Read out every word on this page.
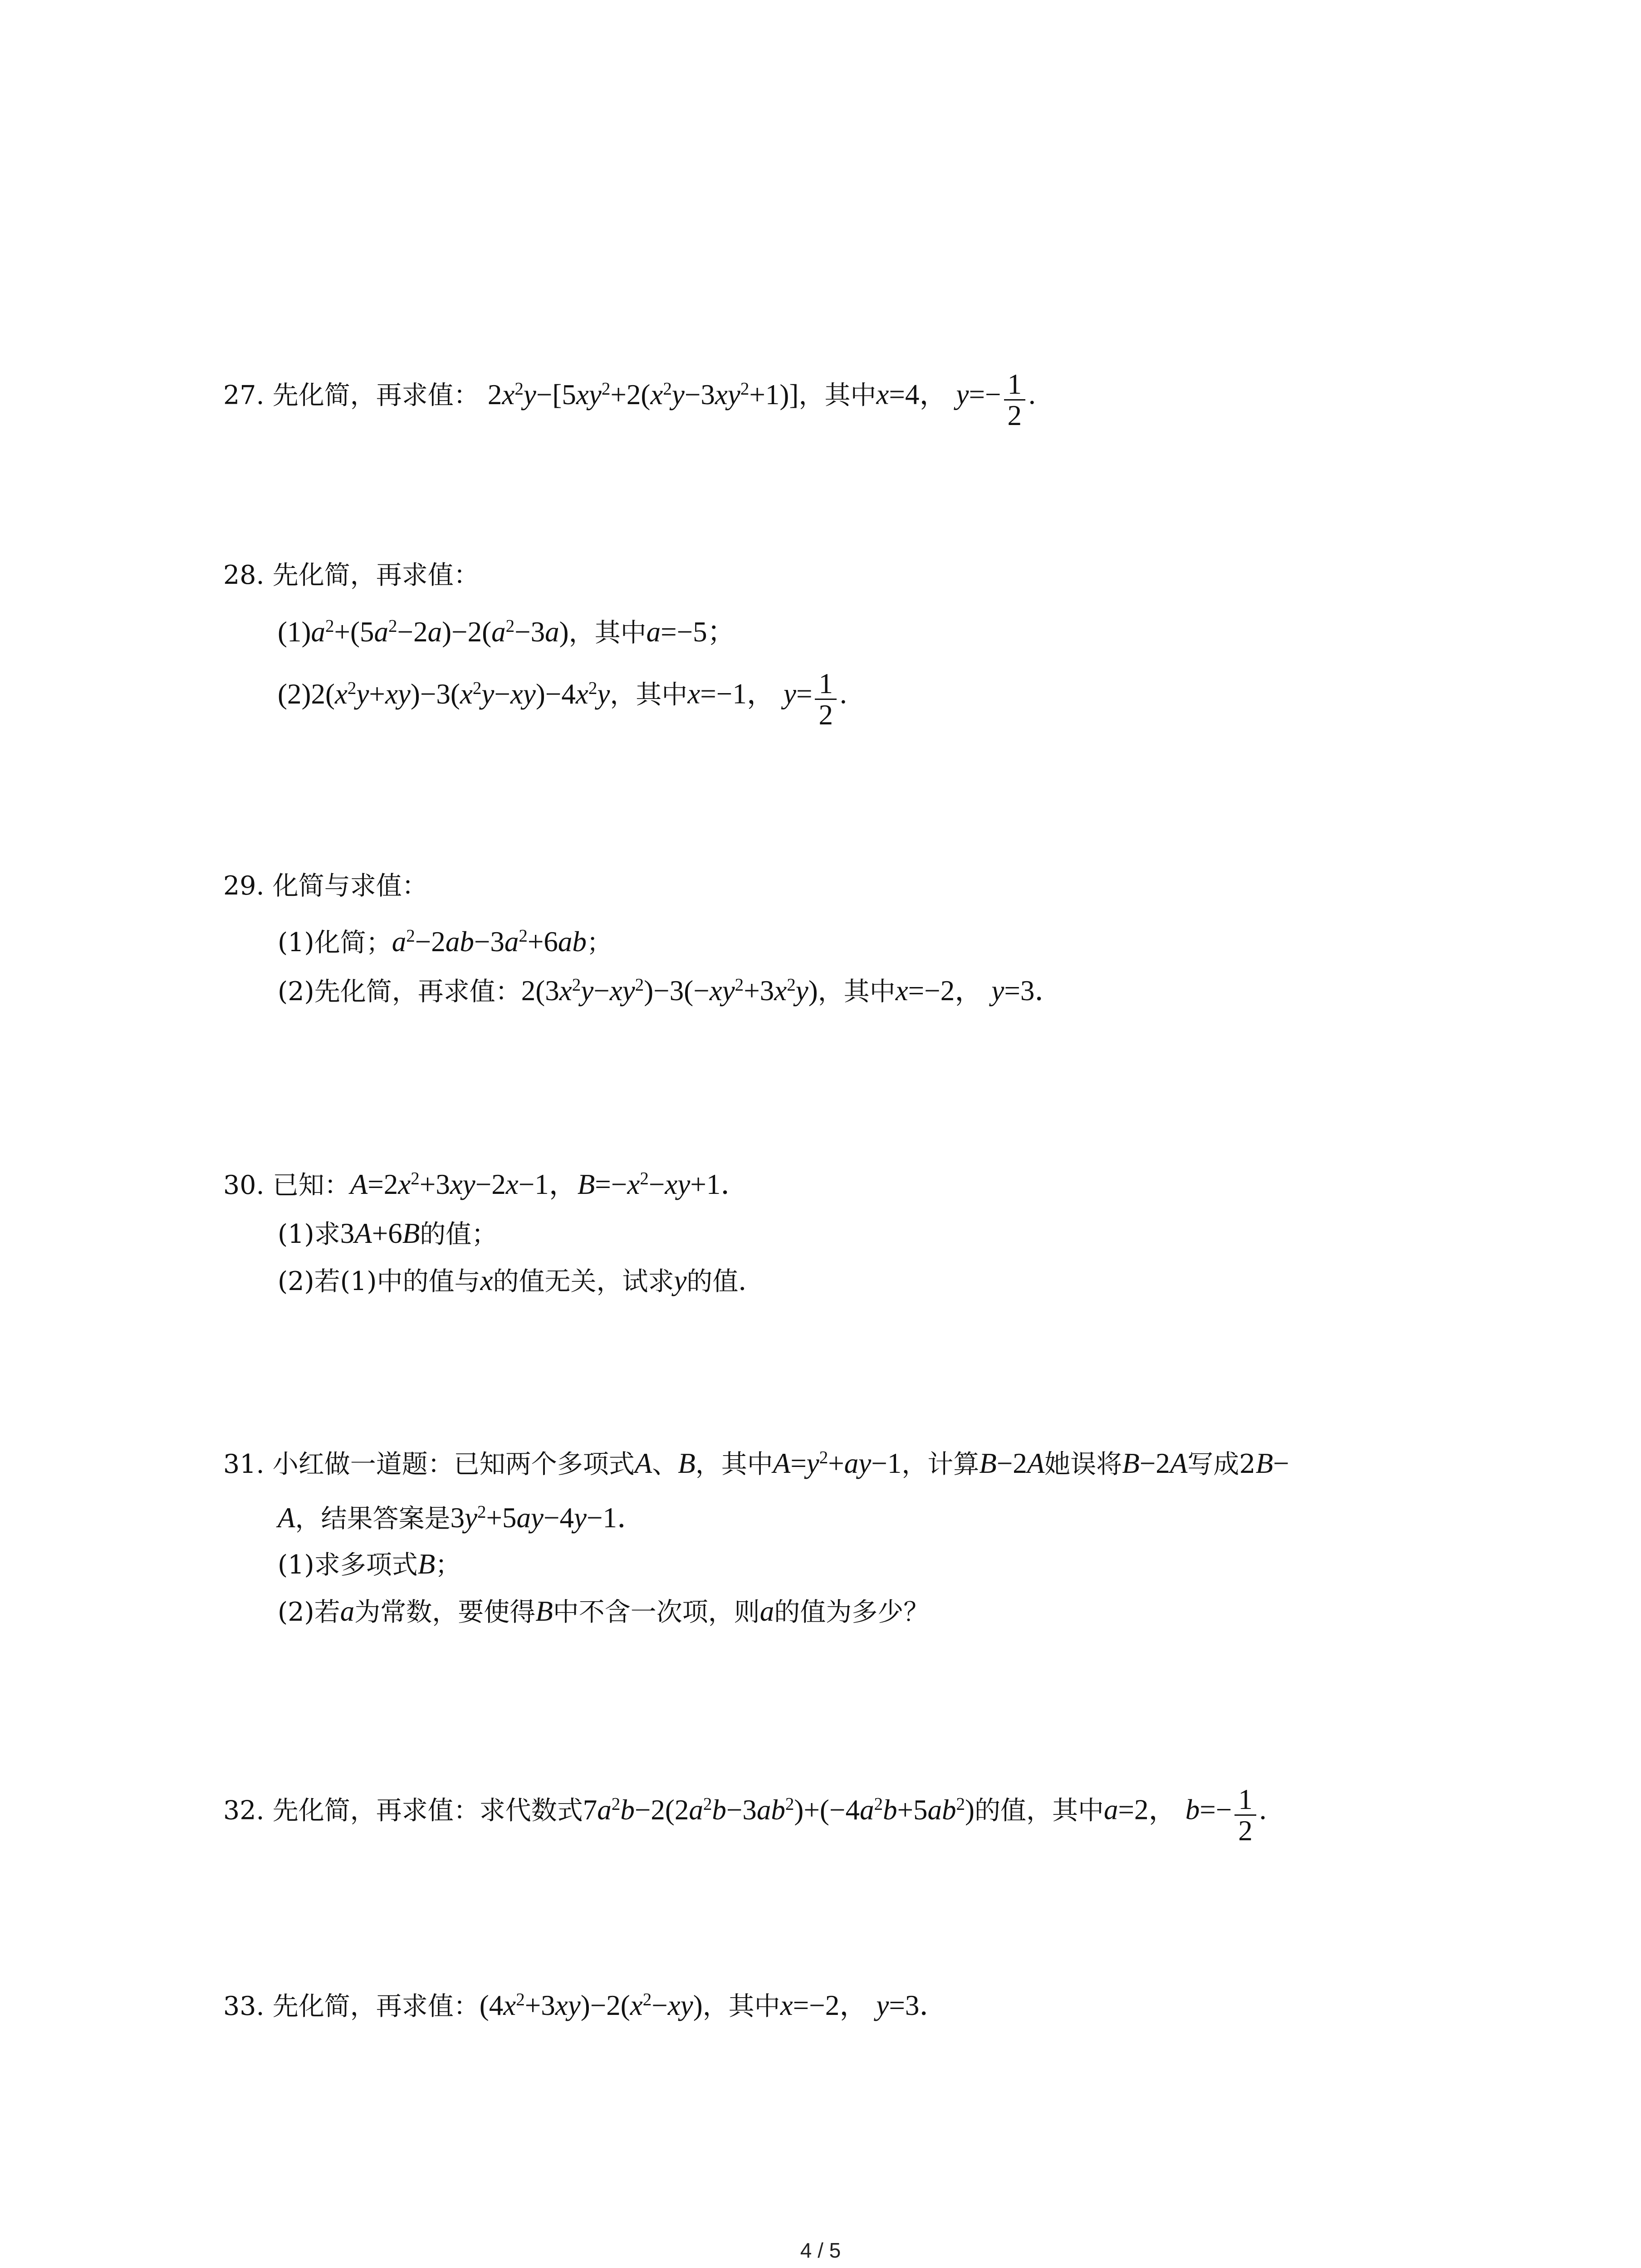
27. 先化简，再求值： $2x^2y-[5xy^2+2(x^2y-3xy^2+1)]$，其中x=4， $y=- \frac{1}{2}$ ．
28. 先化简，再求值：
$(1)a^2+(5a^2-2a)-2(a^2-3a)$，其中a=−5；
$(2)2(x^2y+xy)-3(x^2y-xy)-4x^2y$，其中x=−1， $y= \frac{1}{2}$ ．
29. 化简与求值：
(1)化简；$a^2-2ab-3a^2+6ab$；
(2)先化简，再求值：$2(3x^2y-xy^2)-3(-xy^2+3x^2y)$，其中x=−2， y=3．
30. 已知：$A=2x^2+3xy-2x-1$，$B=-x^2-xy+1$．
(1)求3A+6B的值；
(2)若(1)中的值与x的值无关，试求y的值．
31. 小红做一道题：已知两个多项式A、B，其中$A=y^2+ay-1$，计算B−2A她误将B−2A写成2B−
A，结果答案是$3y^2+5ay-4y-1$．
(1)求多项式B；
(2)若a为常数，要使得B中不含一次项，则a的值为多少？
32. 先化简，再求值：求代数式$7a^2b-2(2a^2b-3ab^2)+(-4a^2b+5ab^2)$的值，其中a=2， $b=- \frac{1}{2}$ ．
33. 先化简，再求值：$(4x^2+3xy)-2(x^2-xy)$，其中x=−2， y=3．
4 / 5
